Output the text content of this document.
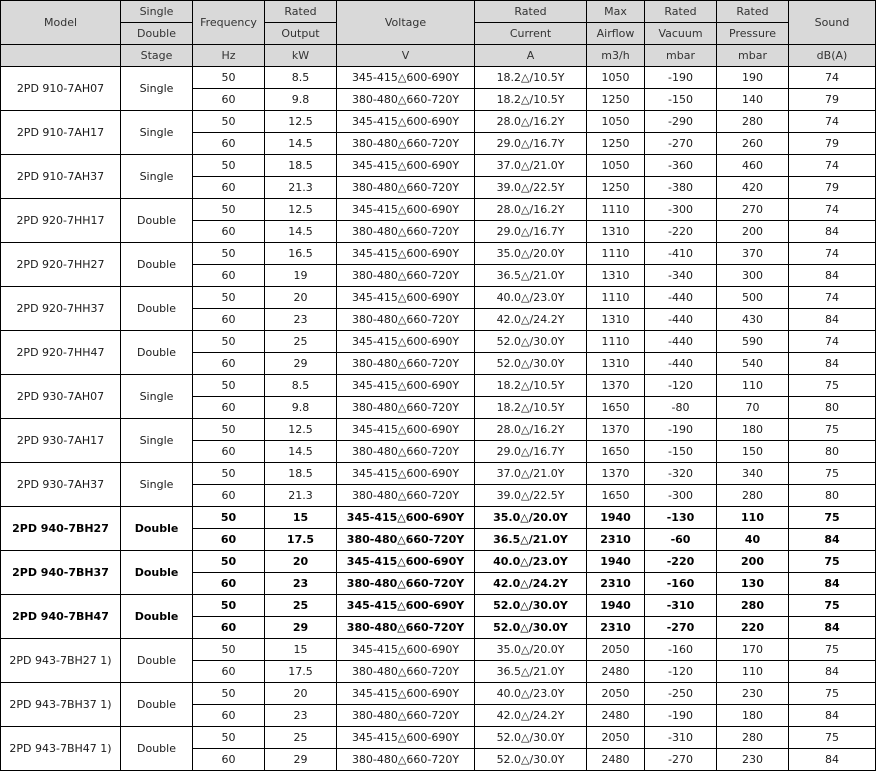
Model	Single	Frequency	Rated	Voltage	Rated	Max	Rated	Rated	Sound
	Double		Output		Current	Airflow	Vacuum	Pressure	
	Stage	Hz	kW	V	A	m3/h	mbar	mbar	dB(A)
2PD 910-7AH07	Single	50	8.5	345-415△600-690Y	18.2△/10.5Y	1050	-190	190	74
		60	9.8	380-480△660-720Y	18.2△/10.5Y	1250	-150	140	79
2PD 910-7AH17	Single	50	12.5	345-415△600-690Y	28.0△/16.2Y	1050	-290	280	74
		60	14.5	380-480△660-720Y	29.0△/16.7Y	1250	-270	260	79
2PD 910-7AH37	Single	50	18.5	345-415△600-690Y	37.0△/21.0Y	1050	-360	460	74
		60	21.3	380-480△660-720Y	39.0△/22.5Y	1250	-380	420	79
2PD 920-7HH17	Double	50	12.5	345-415△600-690Y	28.0△/16.2Y	1110	-300	270	74
		60	14.5	380-480△660-720Y	29.0△/16.7Y	1310	-220	200	84
2PD 920-7HH27	Double	50	16.5	345-415△600-690Y	35.0△/20.0Y	1110	-410	370	74
		60	19	380-480△660-720Y	36.5△/21.0Y	1310	-340	300	84
2PD 920-7HH37	Double	50	20	345-415△600-690Y	40.0△/23.0Y	1110	-440	500	74
		60	23	380-480△660-720Y	42.0△/24.2Y	1310	-440	430	84
2PD 920-7HH47	Double	50	25	345-415△600-690Y	52.0△/30.0Y	1110	-440	590	74
		60	29	380-480△660-720Y	52.0△/30.0Y	1310	-440	540	84
2PD 930-7AH07	Single	50	8.5	345-415△600-690Y	18.2△/10.5Y	1370	-120	110	75
		60	9.8	380-480△660-720Y	18.2△/10.5Y	1650	-80	70	80
2PD 930-7AH17	Single	50	12.5	345-415△600-690Y	28.0△/16.2Y	1370	-190	180	75
		60	14.5	380-480△660-720Y	29.0△/16.7Y	1650	-150	150	80
2PD 930-7AH37	Single	50	18.5	345-415△600-690Y	37.0△/21.0Y	1370	-320	340	75
		60	21.3	380-480△660-720Y	39.0△/22.5Y	1650	-300	280	80
2PD 940-7BH27	Double	50	15	345-415△600-690Y	35.0△/20.0Y	1940	-130	110	75
		60	17.5	380-480△660-720Y	36.5△/21.0Y	2310	-60	40	84
2PD 940-7BH37	Double	50	20	345-415△600-690Y	40.0△/23.0Y	1940	-220	200	75
		60	23	380-480△660-720Y	42.0△/24.2Y	2310	-160	130	84
2PD 940-7BH47	Double	50	25	345-415△600-690Y	52.0△/30.0Y	1940	-310	280	75
		60	29	380-480△660-720Y	52.0△/30.0Y	2310	-270	220	84
2PD 943-7BH27 1)	Double	50	15	345-415△600-690Y	35.0△/20.0Y	2050	-160	170	75
		60	17.5	380-480△660-720Y	36.5△/21.0Y	2480	-120	110	84
2PD 943-7BH37 1)	Double	50	20	345-415△600-690Y	40.0△/23.0Y	2050	-250	230	75
		60	23	380-480△660-720Y	42.0△/24.2Y	2480	-190	180	84
2PD 943-7BH47 1)	Double	50	25	345-415△600-690Y	52.0△/30.0Y	2050	-310	280	75
		60	29	380-480△660-720Y	52.0△/30.0Y	2480	-270	230	84
